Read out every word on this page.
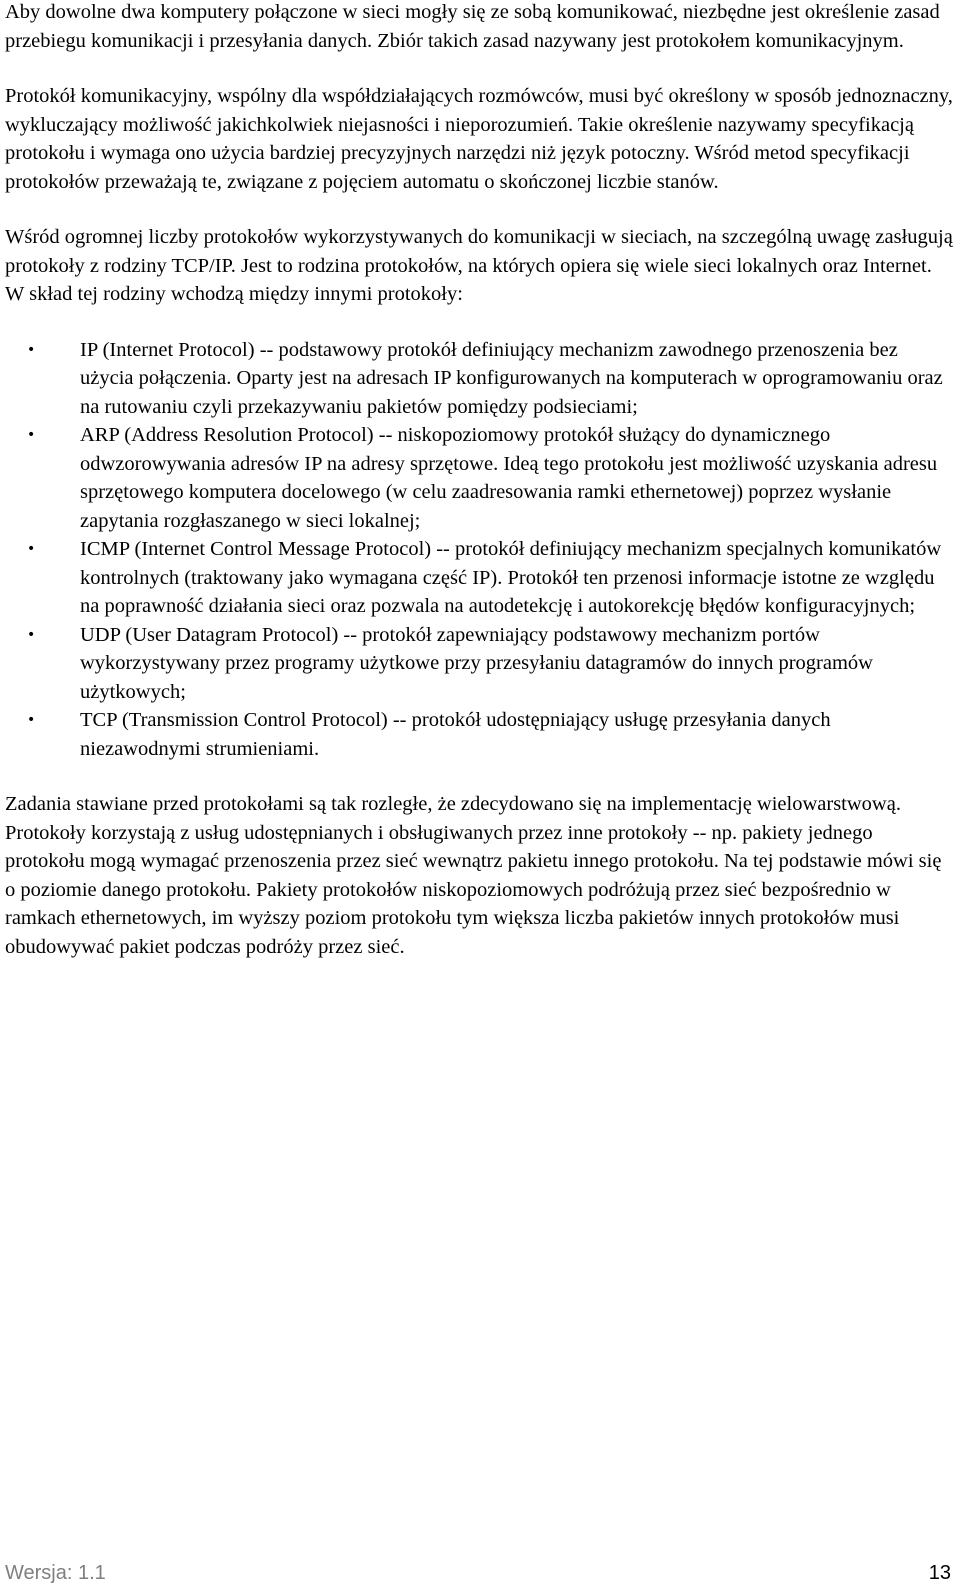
Aby dowolne dwa komputery połączone w sieci mogły się ze sobą komunikować, niezbędne jest określenie zasad przebiegu komunikacji i przesyłania danych. Zbiór takich zasad nazywany jest protokołem komunikacyjnym.

Protokół komunikacyjny, wspólny dla współdziałających rozmówców, musi być określony w sposób jednoznaczny, wykluczający możliwość jakichkolwiek niejasności i nieporozumień. Takie określenie nazywamy specyfikacją protokołu i wymaga ono użycia bardziej precyzyjnych narzędzi niż język potoczny. Wśród metod specyfikacji protokołów przeważają te, związane z pojęciem automatu o skończonej liczbie stanów.

Wśród ogromnej liczby protokołów wykorzystywanych do komunikacji w sieciach, na szczególną uwagę zasługują protokoły z rodziny TCP/IP. Jest to rodzina protokołów, na których opiera się wiele sieci lokalnych oraz Internet. W skład tej rodziny wchodzą między innymi protokoły:

•	IP (Internet Protocol) -- podstawowy protokół definiujący mechanizm zawodnego przenoszenia bez użycia połączenia. Oparty jest na adresach IP konfigurowanych na komputerach w oprogramowaniu oraz na rutowaniu czyli przekazywaniu pakietów pomiędzy podsieciami;
•	ARP (Address Resolution Protocol) -- niskopoziomowy protokół służący do dynamicznego odwzorowywania adresów IP na adresy sprzętowe. Ideą tego protokołu jest możliwość uzyskania adresu sprzętowego komputera docelowego (w celu zaadresowania ramki ethernetowej) poprzez wysłanie zapytania rozgłaszanego w sieci lokalnej;
•	ICMP (Internet Control Message Protocol) -- protokół definiujący mechanizm specjalnych komunikatów kontrolnych (traktowany jako wymagana część IP). Protokół ten przenosi informacje istotne ze względu na poprawność działania sieci oraz pozwala na autodetekcję i autokorekcję błędów konfiguracyjnych;
•	UDP (User Datagram Protocol) -- protokół zapewniający podstawowy mechanizm portów wykorzystywany przez programy użytkowe przy przesyłaniu datagramów do innych programów użytkowych;
•	TCP (Transmission Control Protocol) -- protokół udostępniający usługę przesyłania danych niezawodnymi strumieniami.

Zadania stawiane przed protokołami są tak rozległe, że zdecydowano się na implementację wielowarstwową. Protokoły korzystają z usług udostępnianych i obsługiwanych przez inne protokoły -- np. pakiety jednego protokołu mogą wymagać przenoszenia przez sieć wewnątrz pakietu innego protokołu. Na tej podstawie mówi się o poziomie danego protokołu. Pakiety protokołów niskopoziomowych podróżują przez sieć bezpośrednio w ramkach ethernetowych, im wyższy poziom protokołu tym większa liczba pakietów innych protokołów musi obudowywać pakiet podczas podróży przez sieć.

Wersja: 1.1	13
